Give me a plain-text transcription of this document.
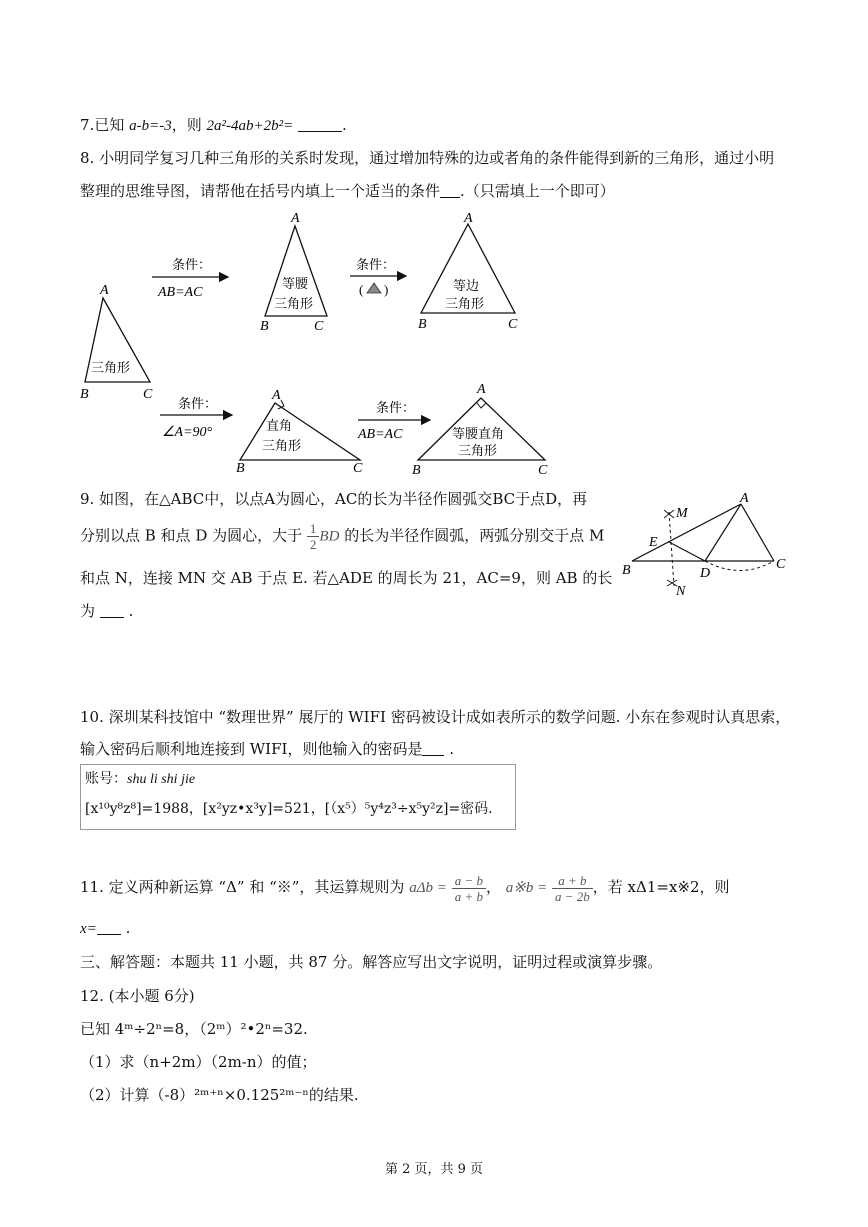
7.已知 a-b=-3，则 2a²-4ab+2b²=	.
8. 小明同学复习几种三角形的关系时发现，通过增加特殊的边或者角的条件能得到新的三角形，通过小明
整理的思维导图，请帮他在括号内填上一个适当的条件 .（只需填上一个即可）
A
B	C
三角形
条件：
AB=AC
A
B	C
等腰
三角形
条件：
( )
A
B	C
等边
三角形
条件：
∠A=90°
A
B	C
直角
三角形
条件：
AB=AC
A
B	C
等腰直角
三角形
9. 如图，在△ABC中，以点A为圆心，AC的长为半径作圆弧交BC于点D，再
分别以点 B 和点 D 为圆心，大于 $\frac{1}{2}$ BD 的长为半径作圆弧，两弧分别交于点 M
和点 N，连接 MN 交 AB 于点 E. 若△ADE 的周长为 21，AC=9，则 AB 的长
为 .
A
B	C
D
E
M
N
10. 深圳某科技馆中 “数理世界” 展厅的 WIFI 密码被设计成如表所示的数学问题. 小东在参观时认真思索，
输入密码后顺利地连接到 WIFI，则他输入的密码是 .
账号：shu li shi jie
[x¹⁰y⁸z⁸]=1988，[x²yz•x³y]=521，[（x⁵）⁵y⁴z³÷x⁵y²z]=密码.
11. 定义两种新运算 “Δ” 和 “※”，其运算规则为 $a\Delta b = \frac{a - b}{a + b}$ ， a※b = $\frac{a + b}{a - 2b}$ ，若 xΔ1=x※2，则
x= .
三、解答题：本题共 11 小题，共 87 分。解答应写出文字说明，证明过程或演算步骤。
12. (本小题 6分)
已知 4ᵐ÷2ⁿ=8，（2ᵐ）²•2ⁿ=32.
（1）求（n+2m）（2m-n）的值；
（2）计算（-8）²ᵐ⁺ⁿ×0.125²ᵐ⁻ⁿ的结果.
第 2 页，共 9 页
